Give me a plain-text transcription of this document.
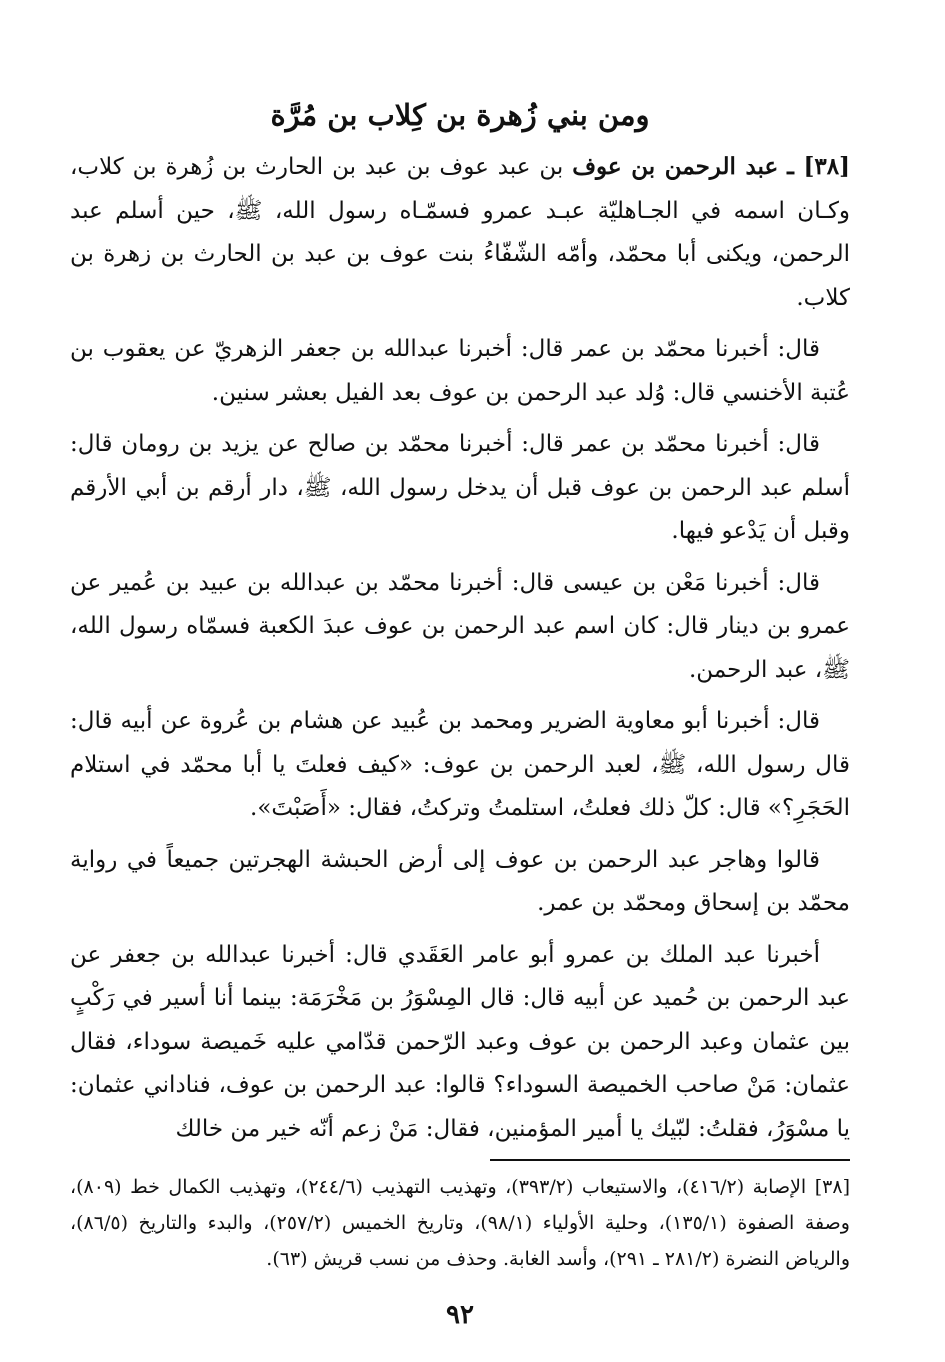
ومن بني زُهرة بن كِلاب بن مُرَّة

[٣٨] ـ عبد الرحمن بن عوف بن عبد عوف بن عبد بن الحارث بن زُهرة بن كلاب، وكـان اسمه في الجـاهليّة عبـد عمرو فسمّـاه رسول الله، ﷺ، حين أسلم عبد الرحمن، ويكنى أبا محمّد، وأمّه الشّفّاءُ بنت عوف بن عبد بن الحارث بن زهرة بن كلاب.

قال: أخبرنا محمّد بن عمر قال: أخبرنا عبدالله بن جعفر الزهريّ عن يعقوب بن عُتبة الأخنسي قال: وُلد عبد الرحمن بن عوف بعد الفيل بعشر سنين.

قال: أخبرنا محمّد بن عمر قال: أخبرنا محمّد بن صالح عن يزيد بن رومان قال: أسلم عبد الرحمن بن عوف قبل أن يدخل رسول الله، ﷺ، دار أرقم بن أبي الأرقم وقبل أن يَدْعو فيها.

قال: أخبرنا مَعْن بن عيسى قال: أخبرنا محمّد بن عبدالله بن عبيد بن عُمير عن عمرو بن دينار قال: كان اسم عبد الرحمن بن عوف عبدَ الكعبة فسمّاه رسول الله، ﷺ، عبد الرحمن.

قال: أخبرنا أبو معاوية الضرير ومحمد بن عُبيد عن هشام بن عُروة عن أبيه قال: قال رسول الله، ﷺ، لعبد الرحمن بن عوف: «كيف فعلتَ يا أبا محمّد في استلام الحَجَرِ؟» قال: كلّ ذلك فعلتُ، استلمتُ وتركتُ، فقال: «أَصَبْتَ».

قالوا وهاجر عبد الرحمن بن عوف إلى أرض الحبشة الهجرتين جميعاً في رواية محمّد بن إسحاق ومحمّد بن عمر.

أخبرنا عبد الملك بن عمرو أبو عامر العَقَدي قال: أخبرنا عبدالله بن جعفر عن عبد الرحمن بن حُميد عن أبيه قال: قال المِسْوَرُ بن مَخْرَمَة: بينما أنا أسير في رَكْبٍ بين عثمان وعبد الرحمن بن عوف وعبد الرّحمن قدّامي عليه خَميصة سوداء، فقال عثمان: مَنْ صاحب الخميصة السوداء؟ قالوا: عبد الرحمن بن عوف، فناداني عثمان: يا مسْوَرُ، فقلتُ: لبّيك يا أمير المؤمنين، فقال: مَنْ زعم أنّه خير من خالك

[٣٨] الإصابة (٤١٦/٢)، والاستيعاب (٣٩٣/٢)، وتهذيب التهذيب (٢٤٤/٦)، وتهذيب الكمال خط (٨٠٩)، وصفة الصفوة (١٣٥/١)، وحلية الأولياء (٩٨/١)، وتاريخ الخميس (٢٥٧/٢)، والبدء والتاريخ (٨٦/٥)، والرياض النضرة (٢٨١/٢ ـ ٢٩١)، وأسد الغابة. وحذف من نسب قريش (٦٣).
٩٢
